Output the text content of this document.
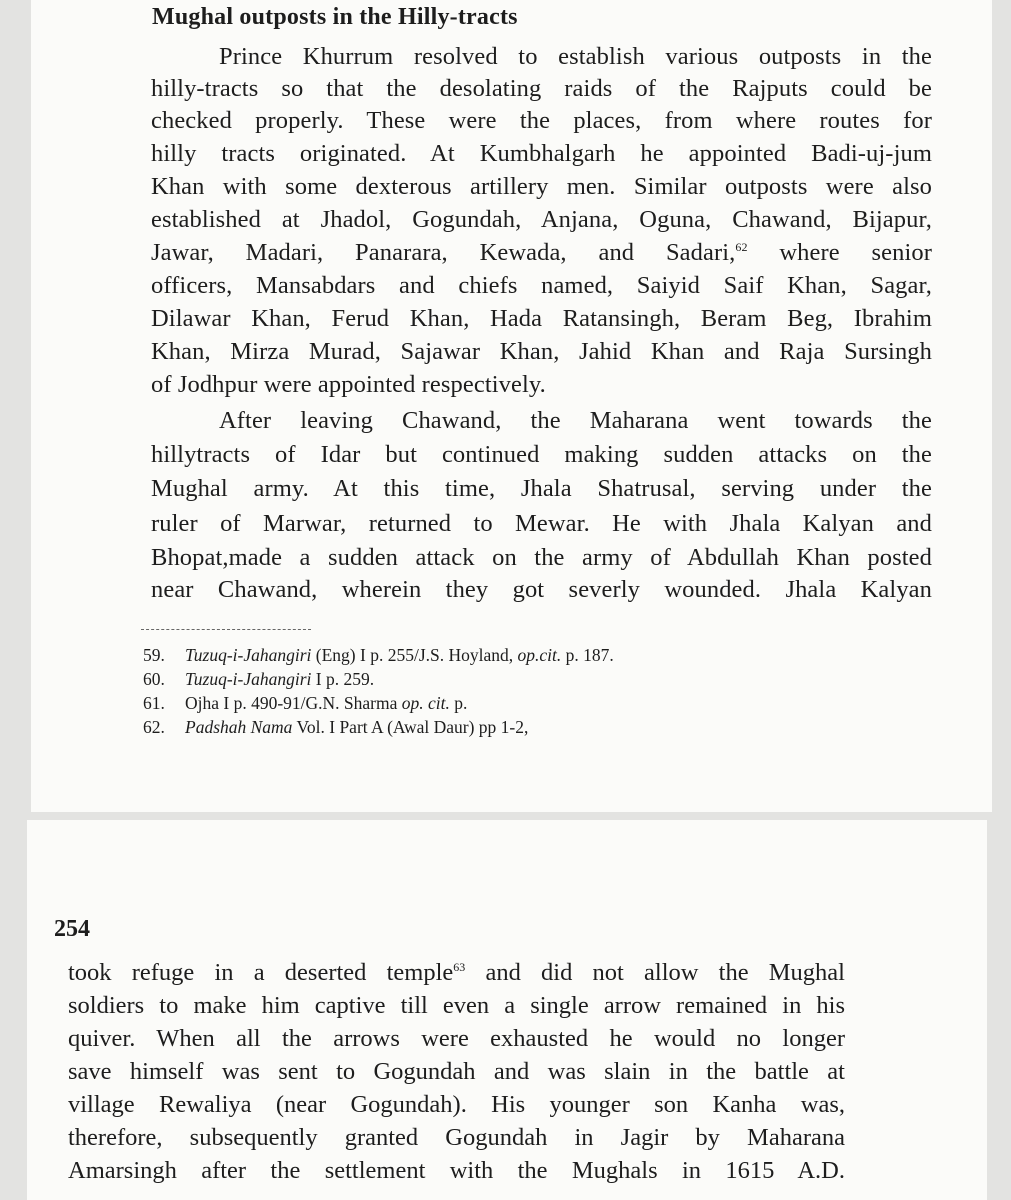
Mughal outposts in the Hilly-tracts
Prince Khurrum resolved to establish various outposts in the
hilly-tracts so that the desolating raids of the Rajputs could be
checked properly. These were the places, from where routes for
hilly tracts originated. At Kumbhalgarh he appointed Badi-uj-jum
Khan with some dexterous artillery men. Similar outposts were also
established at Jhadol, Gogundah, Anjana, Oguna, Chawand, Bijapur,
Jawar, Madari, Panarara, Kewada, and Sadari,$^{62}$ where senior
officers, Mansabdars and chiefs named, Saiyid Saif Khan, Sagar,
Dilawar Khan, Ferud Khan, Hada Ratansingh, Beram Beg, Ibrahim
Khan, Mirza Murad, Sajawar Khan, Jahid Khan and Raja Sursingh
of Jodhpur were appointed respectively.
After leaving Chawand, the Maharana went towards the
hillytracts of Idar but continued making sudden attacks on the
Mughal army. At this time, Jhala Shatrusal, serving under the
ruler of Marwar, returned to Mewar. He with Jhala Kalyan and
Bhopat,made a sudden attack on the army of Abdullah Khan posted
near Chawand, wherein they got severly wounded. Jhala Kalyan
59. Tuzuq-i-Jahangiri (Eng) I p. 255/J.S. Hoyland, op.cit. p. 187.
60. Tuzuq-i-Jahangiri I p. 259.
61. Ojha I p. 490-91/G.N. Sharma op. cit. p.
62. Padshah Nama Vol. I Part A (Awal Daur) pp 1-2,
254
took refuge in a deserted temple$^{63}$ and did not allow the Mughal
soldiers to make him captive till even a single arrow remained in his
quiver. When all the arrows were exhausted he would no longer
save himself was sent to Gogundah and was slain in the battle at
village Rewaliya (near Gogundah). His younger son Kanha was,
therefore, subsequently granted Gogundah in Jagir by Maharana
Amarsingh after the settlement with the Mughals in 1615 A.D.
